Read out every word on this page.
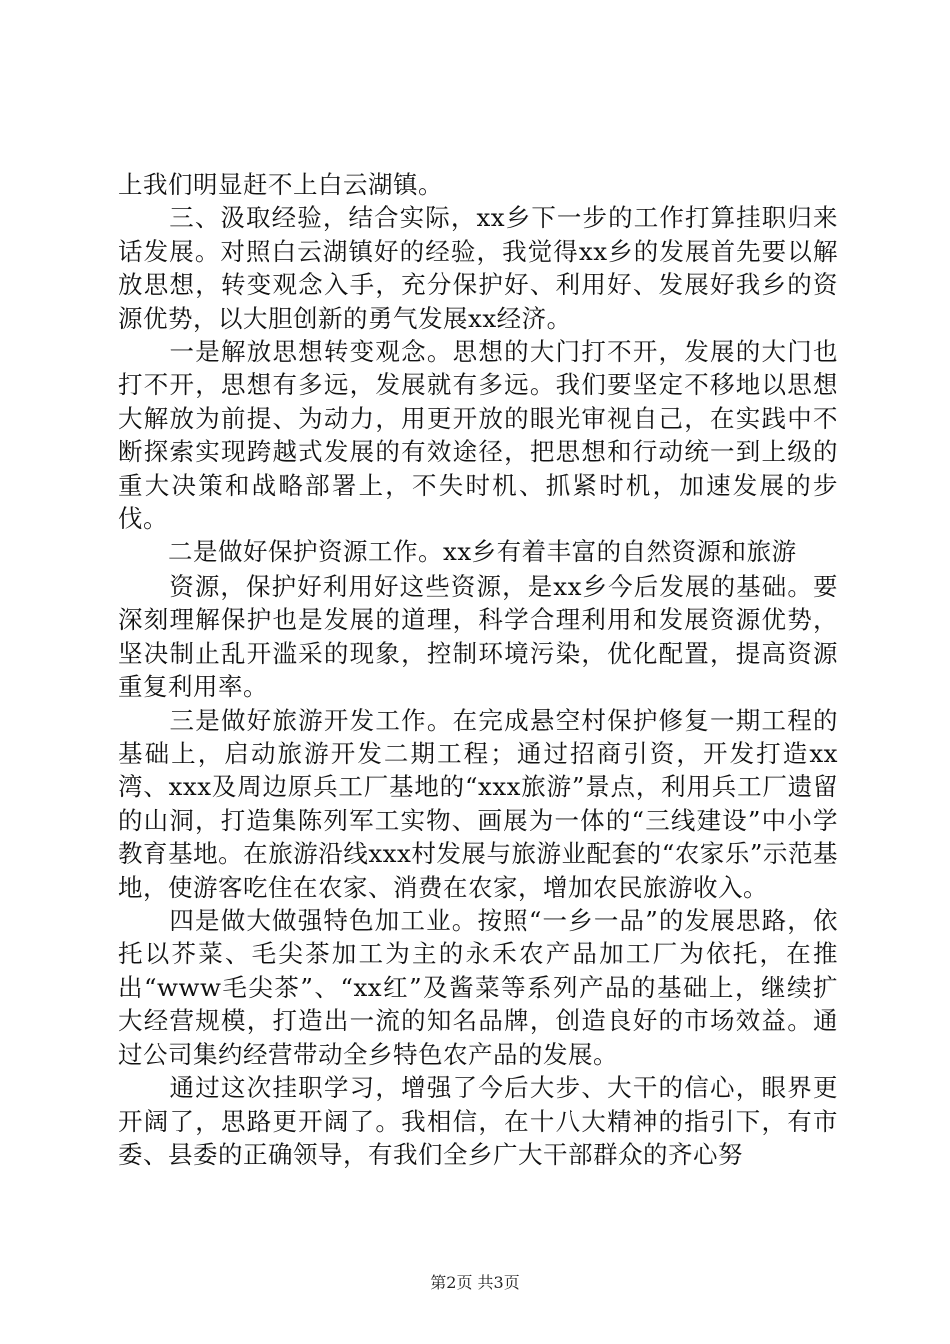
上我们明显赶不上白云湖镇。

　　三、汲取经验，结合实际，xx乡下一步的工作打算挂职归来话发展。对照白云湖镇好的经验，我觉得xx乡的发展首先要以解放思想，转变观念入手，充分保护好、利用好、发展好我乡的资源优势，以大胆创新的勇气发展xx经济。

　　一是解放思想转变观念。思想的大门打不开，发展的大门也打不开，思想有多远，发展就有多远。我们要坚定不移地以思想大解放为前提、为动力，用更开放的眼光审视自己，在实践中不断探索实现跨越式发展的有效途径，把思想和行动统一到上级的重大决策和战略部署上，不失时机、抓紧时机，加速发展的步伐。

　　二是做好保护资源工作。xx乡有着丰富的自然资源和旅游

　　资源，保护好利用好这些资源，是xx乡今后发展的基础。要深刻理解保护也是发展的道理，科学合理利用和发展资源优势，坚决制止乱开滥采的现象，控制环境污染，优化配置，提高资源重复利用率。

　　三是做好旅游开发工作。在完成悬空村保护修复一期工程的基础上，启动旅游开发二期工程；通过招商引资，开发打造xx湾、xxx及周边原兵工厂基地的“xxx旅游”景点，利用兵工厂遗留的山洞，打造集陈列军工实物、画展为一体的“三线建设”中小学教育基地。在旅游沿线xxx村发展与旅游业配套的“农家乐”示范基地，使游客吃住在农家、消费在农家，增加农民旅游收入。

　　四是做大做强特色加工业。按照“一乡一品”的发展思路，依托以芥菜、毛尖茶加工为主的永禾农产品加工厂为依托，在推出“www毛尖茶”、“xx红”及酱菜等系列产品的基础上，继续扩大经营规模，打造出一流的知名品牌，创造良好的市场效益。通过公司集约经营带动全乡特色农产品的发展。

　　通过这次挂职学习，增强了今后大步、大干的信心，眼界更开阔了，思路更开阔了。我相信，在十八大精神的指引下，有市委、县委的正确领导，有我们全乡广大干部群众的齐心努

第2页 共3页
